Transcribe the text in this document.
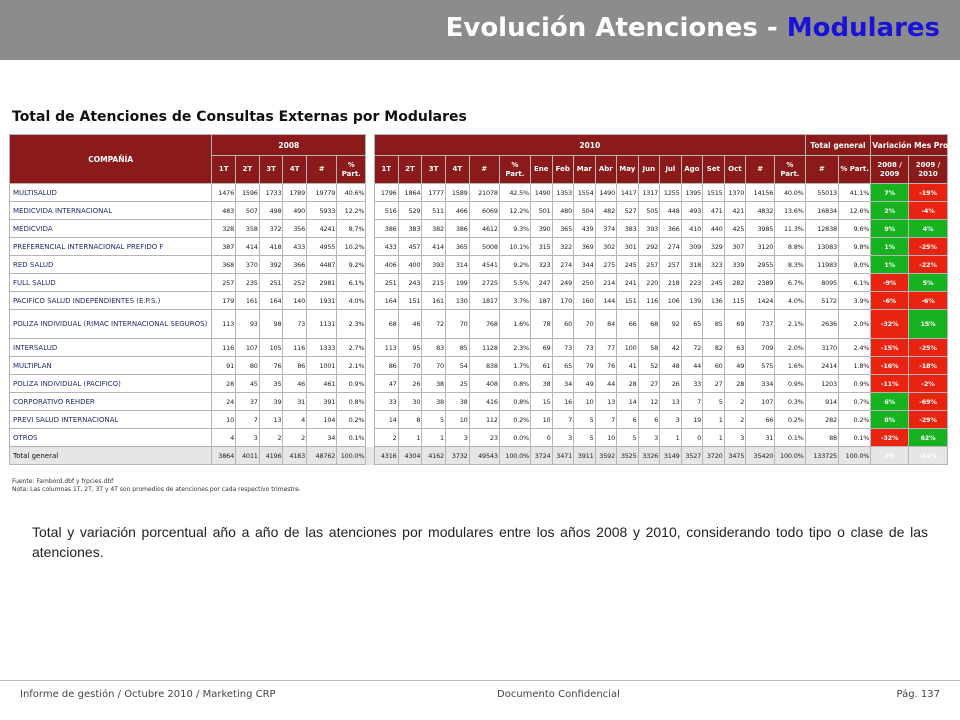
Evolución Atenciones - Modulares
Total de Atenciones de Consultas Externas por Modulares
COMPAÑÍA	2008							2010																		Total general		Variación Mes Prom.	
	1T	2T	3T	4T	#	% Part.		1T	2T	3T	4T	#	% Part.	Ene	Feb	Mar	Abr	May	Jun	Jul	Ago	Set	Oct	#	% Part.	#	% Part.	2008 / 2009	2009 / 2010
MULTISALUD	1476	1596	1733	1789	19779	40.6%		1796	1864	1777	1589	21078	42.5%	1490	1353	1554	1490	1417	1317	1255	1395	1515	1370	14156	40.0%	55013	41.1%	7%	-19%
MEDICVIDA INTERNACIONAL	483	507	498	490	5933	12.2%		516	529	511	466	6069	12.2%	501	480	504	482	527	505	448	493	471	421	4832	13.6%	16834	12.6%	2%	-4%
MEDICVIDA	328	358	372	356	4241	8.7%		386	383	382	386	4612	9.3%	390	365	439	374	383	393	366	410	440	425	3985	11.3%	12838	9.6%	9%	4%
PREFERENCIAL INTERNACIONAL PREFIDO F	387	414	418	433	4955	10.2%		433	457	414	365	5008	10.1%	315	322	369	302	301	292	274	309	329	307	3120	8.8%	13083	9.8%	1%	-25%
RED SALUD	368	370	392	366	4487	9.2%		406	400	393	314	4541	9.2%	323	274	344	275	245	257	257	318	323	339	2955	8.3%	11983	9.0%	1%	-22%
FULL SALUD	257	235	251	252	2981	6.1%		251	243	215	199	2725	5.5%	247	249	250	214	241	220	218	223	245	282	2389	6.7%	8095	6.1%	-9%	5%
PACIFICO SALUD INDEPENDIENTES (E.P.S.)	179	161	164	140	1931	4.0%		164	151	161	130	1817	3.7%	187	170	160	144	151	116	106	139	136	115	1424	4.0%	5172	3.9%	-6%	-6%
POLIZA INDIVIDUAL (RIMAC INTERNACIONAL SEGUROS)	113	93	98	73	1131	2.3%		68	46	72	70	768	1.6%	78	60	70	84	66	68	92	65	85	69	737	2.1%	2636	2.0%	-32%	15%
INTERSALUD	116	107	105	116	1333	2.7%		113	95	83	85	1128	2.3%	69	73	73	77	100	58	42	72	82	63	709	2.0%	3170	2.4%	-15%	-25%
MULTIPLAN	91	80	76	86	1001	2.1%		86	70	70	54	838	1.7%	61	65	79	76	41	52	48	44	60	49	575	1.6%	2414	1.8%	-16%	-18%
POLIZA INDIVIDUAL (PACIFICO)	28	45	35	46	461	0.9%		47	26	38	25	408	0.8%	38	34	49	44	28	27	26	33	27	28	334	0.9%	1203	0.9%	-11%	-2%
CORPORATIVO REHDER	24	37	39	31	391	0.8%		33	30	38	38	416	0.8%	15	16	10	13	14	12	13	7	5	2	107	0.3%	914	0.7%	6%	-69%
PREVI SALUD INTERNACIONAL	10	7	13	4	104	0.2%		14	8	5	10	112	0.2%	10	7	5	7	6	6	3	19	1	2	66	0.2%	282	0.2%	8%	-29%
OTROS	4	3	2	2	34	0.1%		2	1	1	3	23	0.0%	0	3	5	10	5	3	1	0	1	3	31	0.1%	88	0.1%	-32%	62%
Total general	3864	4011	4196	4183	48762	100.0%		4316	4304	4162	3732	49543	100.0%	3724	3471	3911	3592	3525	3326	3149	3527	3720	3475	35420	100.0%	133725	100.0%	2%	-14%
Fuente: Fambord.dbf y frpcies.dbf
Nota: Las columnas 1T, 2T, 3T y 4T son promedios de atenciones por cada respectivo trimestre.
Total y variación porcentual año a año de las atenciones por modulares entre los años 2008 y 2010, considerando todo tipo o clase de las atenciones.
Informe de gestión / Octubre 2010 / Marketing CRP	Documento Confidencial	Pág. 137
